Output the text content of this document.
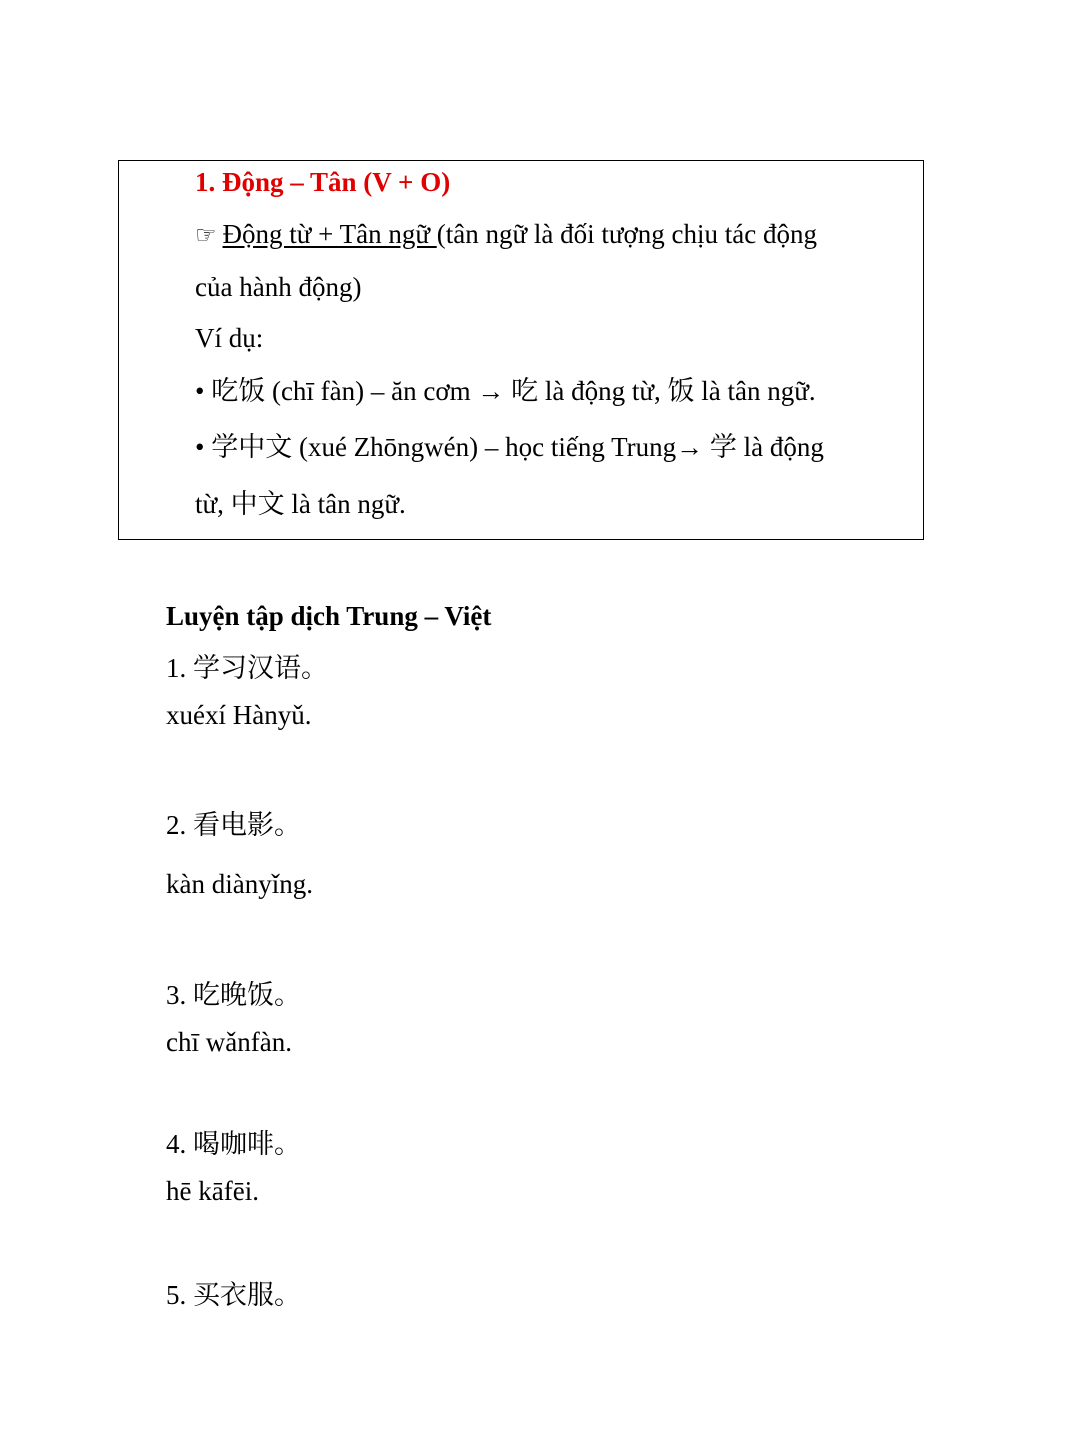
1. Động – Tân (V + O)
☞ Động từ + Tân ngữ (tân ngữ là đối tượng chịu tác động
của hành động)
Ví dụ:
• 吃饭 (chī fàn) – ăn cơm → 吃 là động từ, 饭 là tân ngữ.
• 学中文 (xué Zhōngwén) – học tiếng Trung→ 学 là động
từ, 中文 là tân ngữ.
Luyện tập dịch Trung – Việt
1. 学习汉语。
xuéxí Hànyǔ.
2. 看电影。
kàn diànyǐng.
3. 吃晚饭。
chī wǎnfàn.
4. 喝咖啡。
hē kāfēi.
5. 买衣服。
